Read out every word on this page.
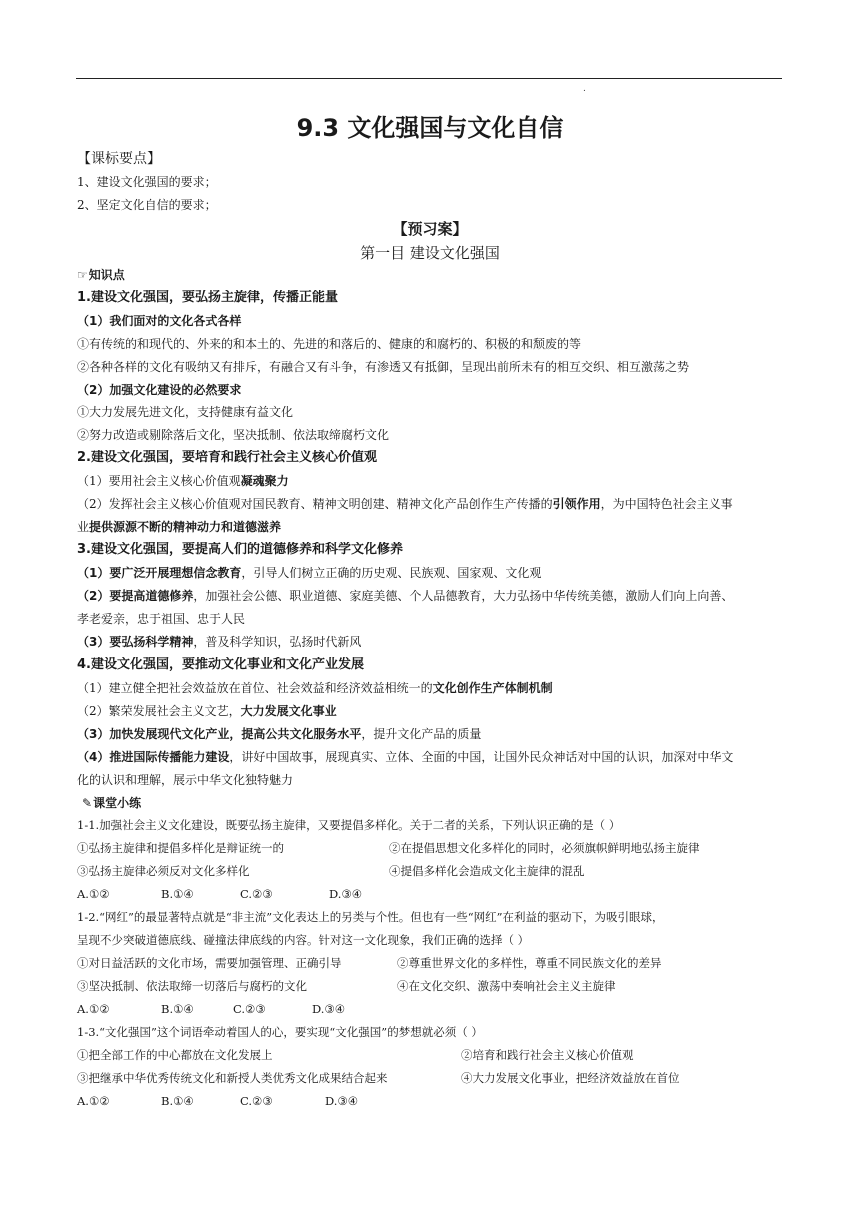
.
9.3 文化强国与文化自信

【课标要点】

1、建设文化强国的要求；

2、坚定文化自信的要求；

【预习案】

第一目 建设文化强国

☞知识点

1.建设文化强国，要弘扬主旋律，传播正能量

（1）我们面对的文化各式各样

①有传统的和现代的、外来的和本土的、先进的和落后的、健康的和腐朽的、积极的和颓废的等

②各种各样的文化有吸纳又有排斥，有融合又有斗争，有渗透又有抵御，呈现出前所未有的相互交织、相互激荡之势

（2）加强文化建设的必然要求

①大力发展先进文化，支持健康有益文化

②努力改造或剔除落后文化，坚决抵制、依法取缔腐朽文化

2.建设文化强国，要培育和践行社会主义核心价值观

（1）要用社会主义核心价值观凝魂聚力

（2）发挥社会主义核心价值观对国民教育、精神文明创建、精神文化产品创作生产传播的引领作用，为中国特色社会主义事

业提供源源不断的精神动力和道德滋养

3.建设文化强国，要提高人们的道德修养和科学文化修养

（1）要广泛开展理想信念教育，引导人们树立正确的历史观、民族观、国家观、文化观

（2）要提高道德修养，加强社会公德、职业道德、家庭美德、个人品德教育，大力弘扬中华传统美德，激励人们向上向善、

孝老爱亲，忠于祖国、忠于人民

（3）要弘扬科学精神，普及科学知识，弘扬时代新风

4.建设文化强国，要推动文化事业和文化产业发展

（1）建立健全把社会效益放在首位、社会效益和经济效益相统一的文化创作生产体制机制

（2）繁荣发展社会主义文艺，大力发展文化事业

（3）加快发展现代文化产业，提高公共文化服务水平，提升文化产品的质量

（4）推进国际传播能力建设，讲好中国故事，展现真实、立体、全面的中国，让国外民众神话对中国的认识，加深对中华文

化的认识和理解，展示中华文化独特魅力

✎课堂小练

1-1.加强社会主义文化建设，既要弘扬主旋律，又要提倡多样化。关于二者的关系，下列认识正确的是（ ）

①弘扬主旋律和提倡多样化是辩证统一的	②在提倡思想文化多样化的同时，必须旗帜鲜明地弘扬主旋律
③弘扬主旋律必须反对文化多样化	④提倡多样化会造成文化主旋律的混乱
A.①②	B.①④	C.②③	D.③④

1-2.“网红”的最显著特点就是“非主流”文化表达上的另类与个性。但也有一些“网红”在利益的驱动下，为吸引眼球，

呈现不少突破道德底线、碰撞法律底线的内容。针对这一文化现象，我们正确的选择（ ）

①对日益活跃的文化市场，需要加强管理、正确引导	②尊重世界文化的多样性，尊重不同民族文化的差异
③坚决抵制、依法取缔一切落后与腐朽的文化	④在文化交织、激荡中奏响社会主义主旋律
A.①②	B.①④	C.②③	D.③④

1-3.“文化强国”这个词语牵动着国人的心，要实现“文化强国”的梦想就必须（ ）

①把全部工作的中心都放在文化发展上	②培育和践行社会主义核心价值观
③把继承中华优秀传统文化和新授人类优秀文化成果结合起来	④大力发展文化事业，把经济效益放在首位
A.①②	B.①④	C.②③	D.③④
